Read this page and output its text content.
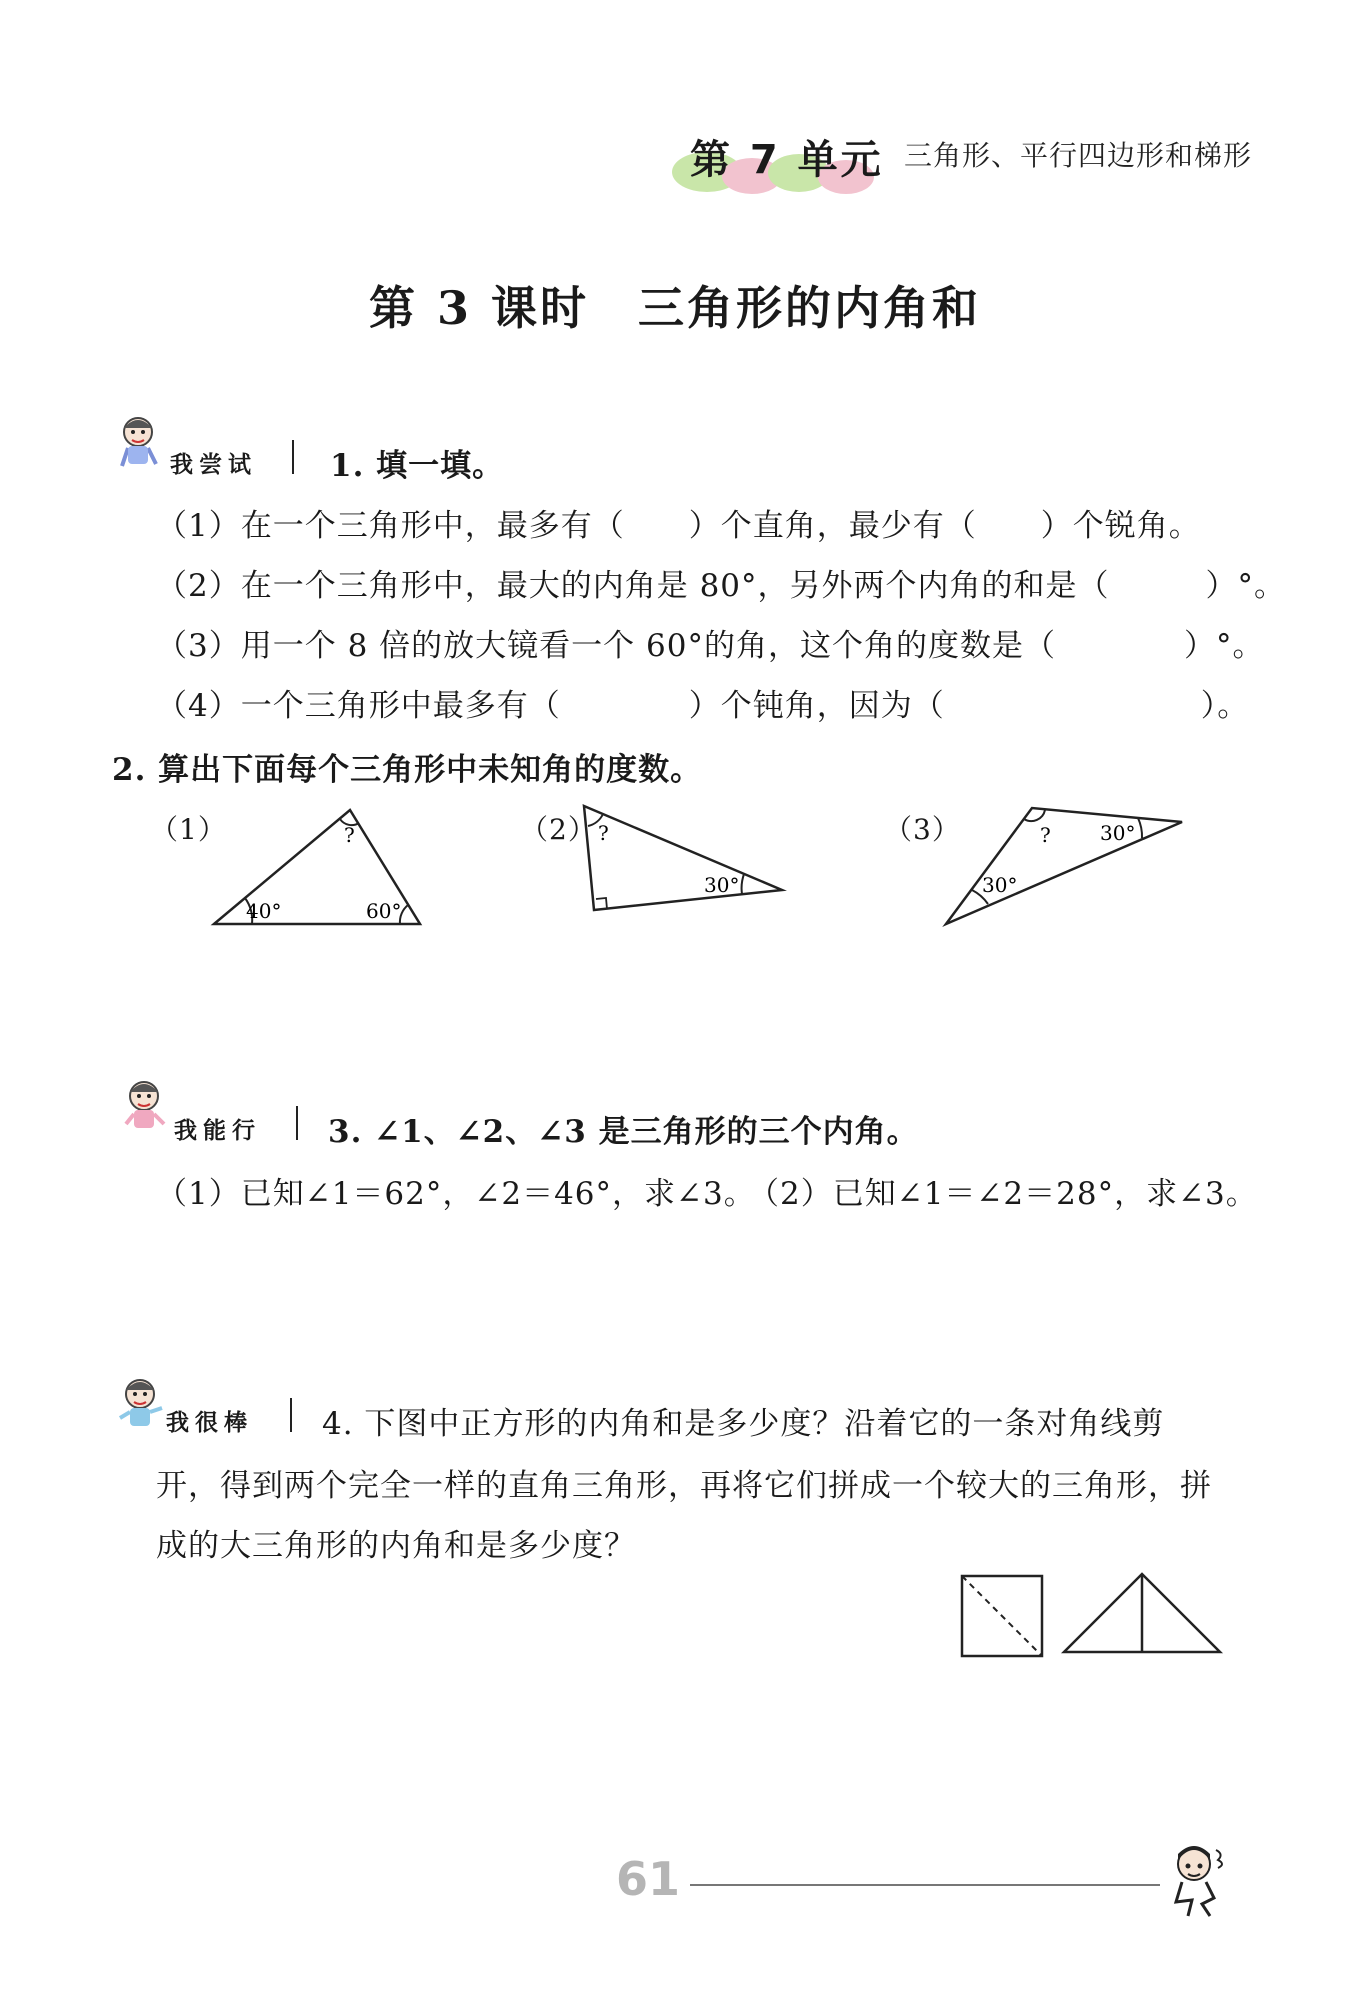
第 7 单元 三角形、平行四边形和梯形
第 3 课时　三角形的内角和
我尝试 1. 填一填。
（1）在一个三角形中，最多有（　　）个直角，最少有（　　）个锐角。
（2）在一个三角形中，最大的内角是 80°，另外两个内角的和是（　　　）°。
（3）用一个 8 倍的放大镜看一个 60°的角，这个角的度数是（　　　　）°。
（4）一个三角形中最多有（　　　　）个钝角，因为（　　　　　　　　）。
2. 算出下面每个三角形中未知角的度数。
（1）	（2）	（3）
?
40°	60°
?
30°
? 30°
30°
我能行 3. ∠1、∠2、∠3 是三角形的三个内角。
（1）已知∠1＝62°，∠2＝46°，求∠3。
（2）已知∠1＝∠2＝28°，求∠3。
我很棒 4. 下图中正方形的内角和是多少度？沿着它的一条对角线剪
开，得到两个完全一样的直角三角形，再将它们拼成一个较大的三角形，拼
成的大三角形的内角和是多少度？
61
